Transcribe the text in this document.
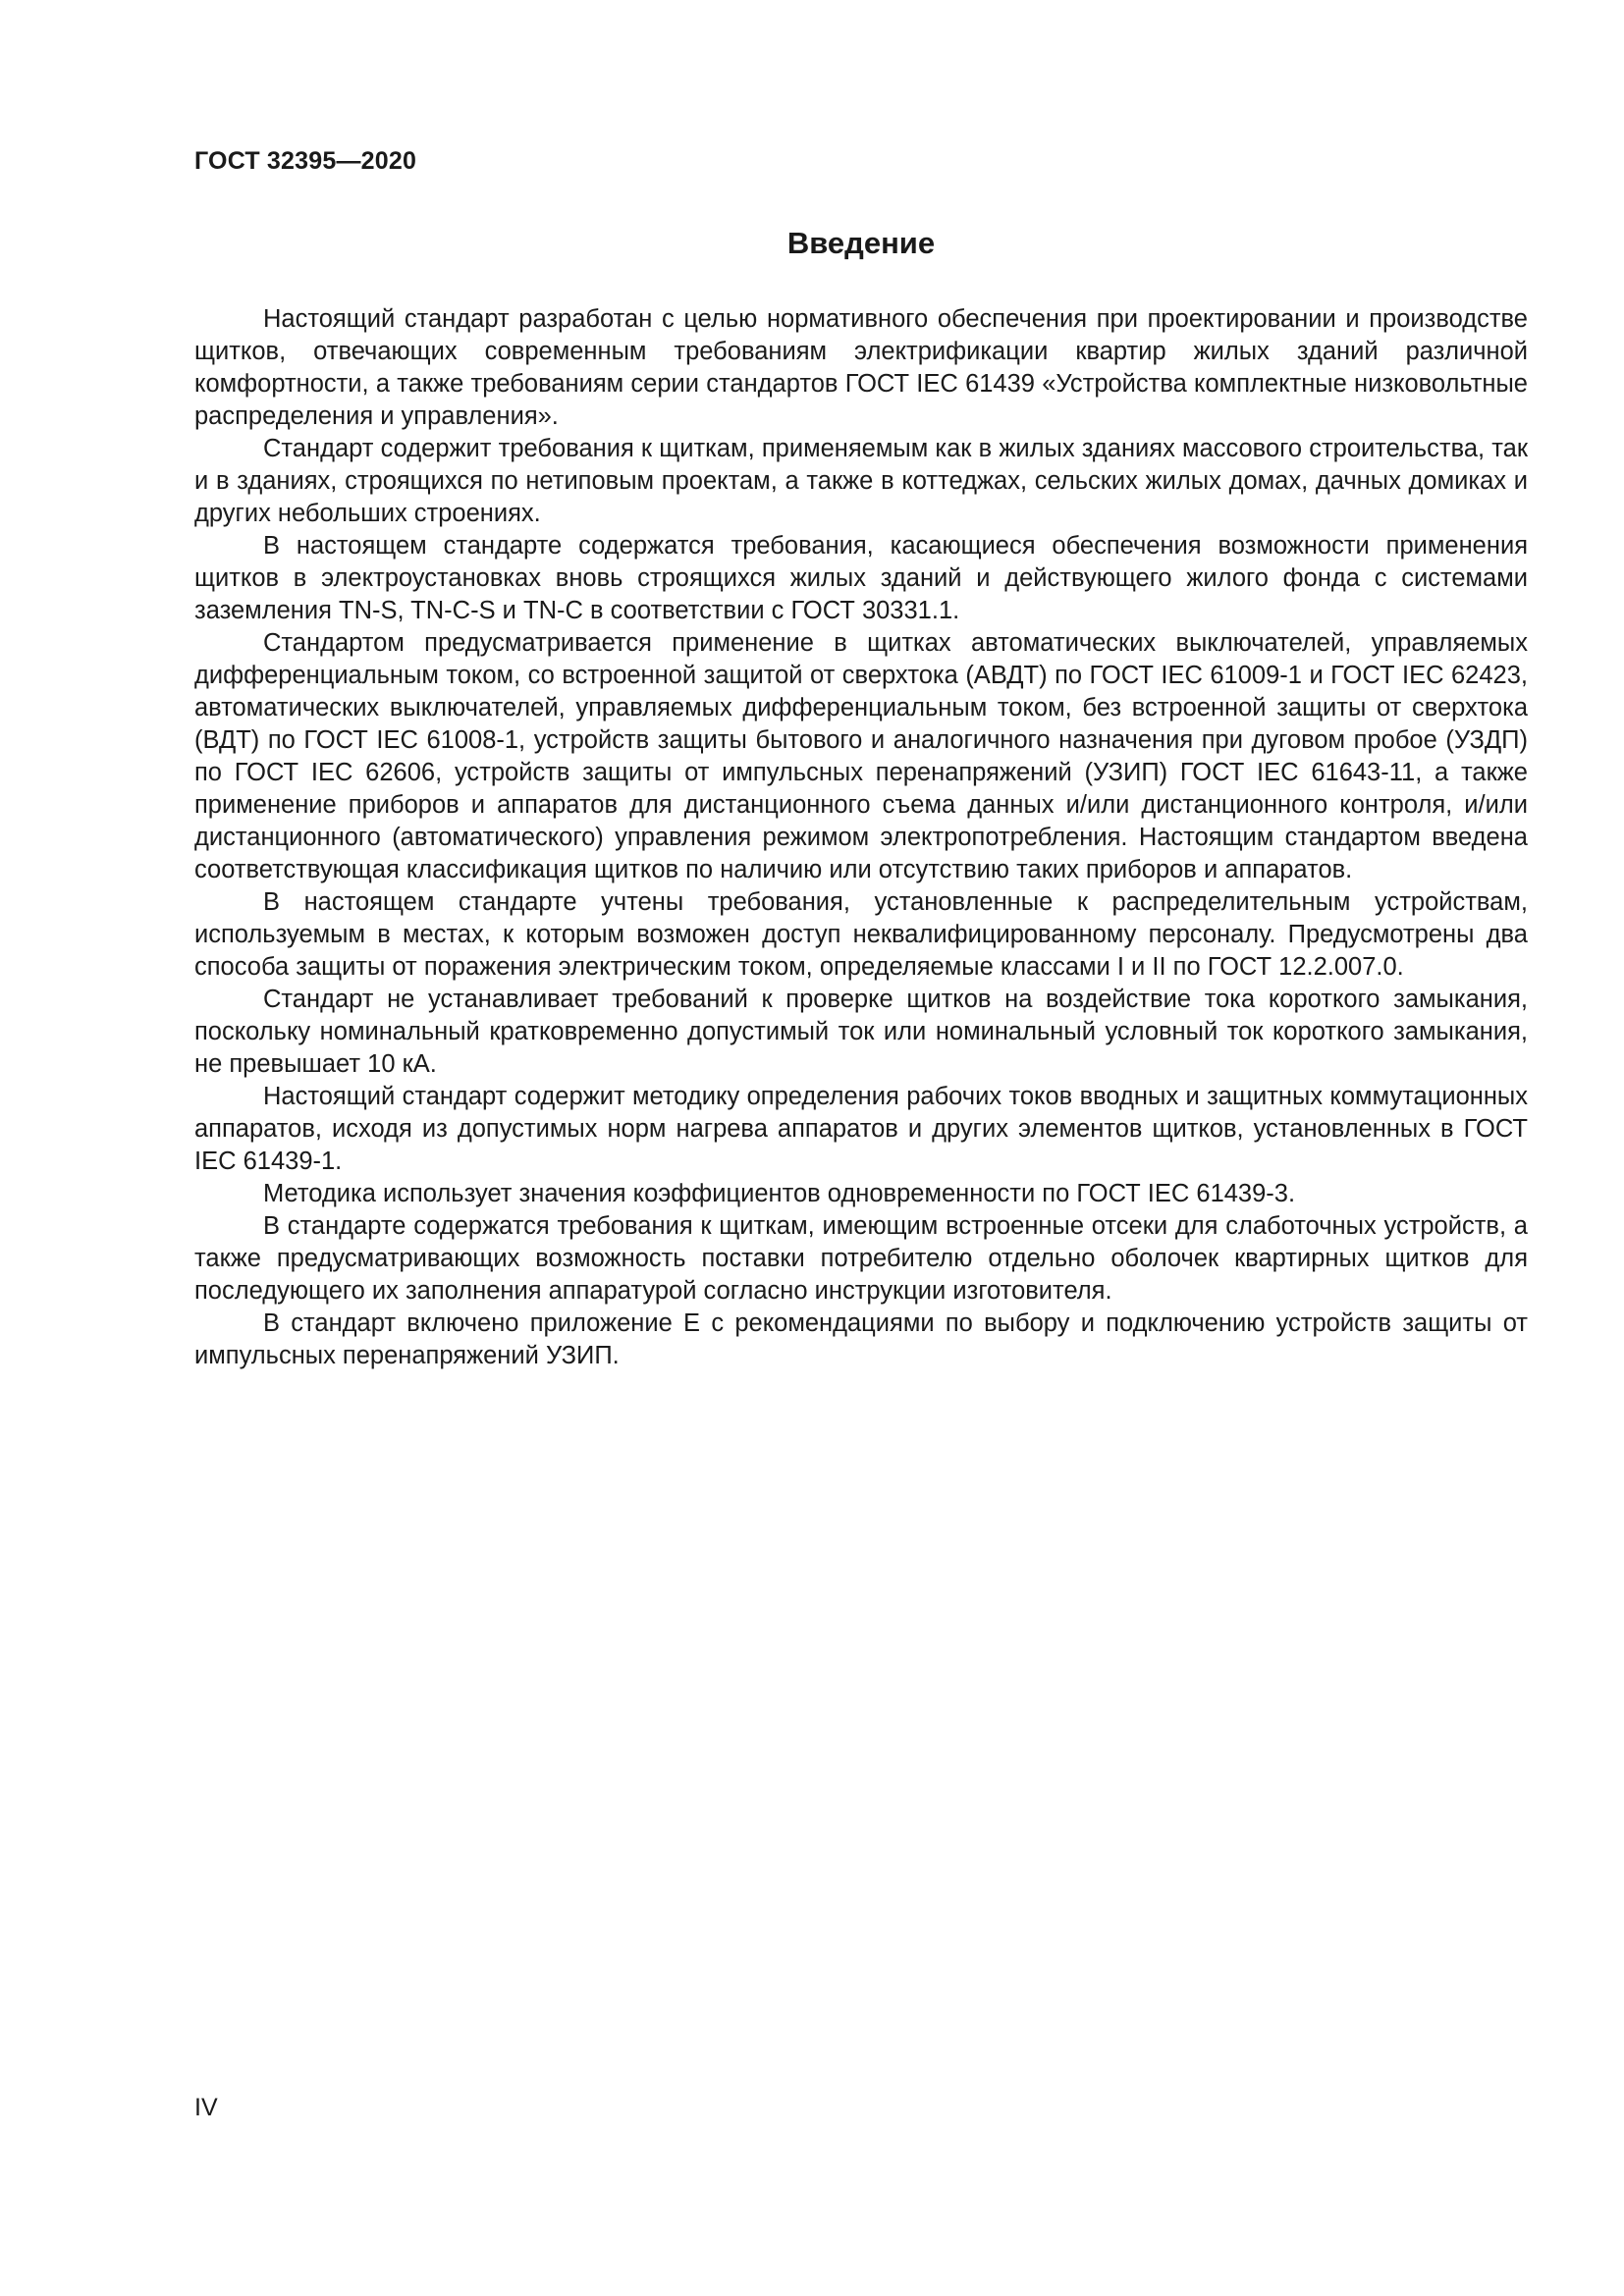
ГОСТ 32395—2020
Введение

Настоящий стандарт разработан с целью нормативного обеспечения при проектировании и производстве щитков, отвечающих современным требованиям электрификации квартир жилых зданий различной комфортности, а также требованиям серии стандартов ГОСТ IEC 61439 «Устройства комплектные низковольтные распределения и управления».

Стандарт содержит требования к щиткам, применяемым как в жилых зданиях массового строительства, так и в зданиях, строящихся по нетиповым проектам, а также в коттеджах, сельских жилых домах, дачных домиках и других небольших строениях.

В настоящем стандарте содержатся требования, касающиеся обеспечения возможности применения щитков в электроустановках вновь строящихся жилых зданий и действующего жилого фонда с системами заземления TN-S, TN-C-S и TN-C в соответствии с ГОСТ 30331.1.

Стандартом предусматривается применение в щитках автоматических выключателей, управляемых дифференциальным током, со встроенной защитой от сверхтока (АВДТ) по ГОСТ IEC 61009-1 и ГОСТ IEC 62423, автоматических выключателей, управляемых дифференциальным током, без встроенной защиты от сверхтока (ВДТ) по ГОСТ IEC 61008-1, устройств защиты бытового и аналогичного назначения при дуговом пробое (УЗДП) по ГОСТ IEC 62606, устройств защиты от импульсных перенапряжений (УЗИП) ГОСТ IEC 61643-11, а также применение приборов и аппаратов для дистанционного съема данных и/или дистанционного контроля, и/или дистанционного (автоматического) управления режимом электропотребления. Настоящим стандартом введена соответствующая классификация щитков по наличию или отсутствию таких приборов и аппаратов.

В настоящем стандарте учтены требования, установленные к распределительным устройствам, используемым в местах, к которым возможен доступ неквалифицированному персоналу. Предусмотрены два способа защиты от поражения электрическим током, определяемые классами I и II по ГОСТ 12.2.007.0.

Стандарт не устанавливает требований к проверке щитков на воздействие тока короткого замыкания, поскольку номинальный кратковременно допустимый ток или номинальный условный ток короткого замыкания, не превышает 10 кА.

Настоящий стандарт содержит методику определения рабочих токов вводных и защитных коммутационных аппаратов, исходя из допустимых норм нагрева аппаратов и других элементов щитков, установленных в ГОСТ IEC 61439-1.

Методика использует значения коэффициентов одновременности по ГОСТ IEC 61439-3.

В стандарте содержатся требования к щиткам, имеющим встроенные отсеки для слаботочных устройств, а также предусматривающих возможность поставки потребителю отдельно оболочек квартирных щитков для последующего их заполнения аппаратурой согласно инструкции изготовителя.

В стандарт включено приложение Е с рекомендациями по выбору и подключению устройств защиты от импульсных перенапряжений УЗИП.

IV
